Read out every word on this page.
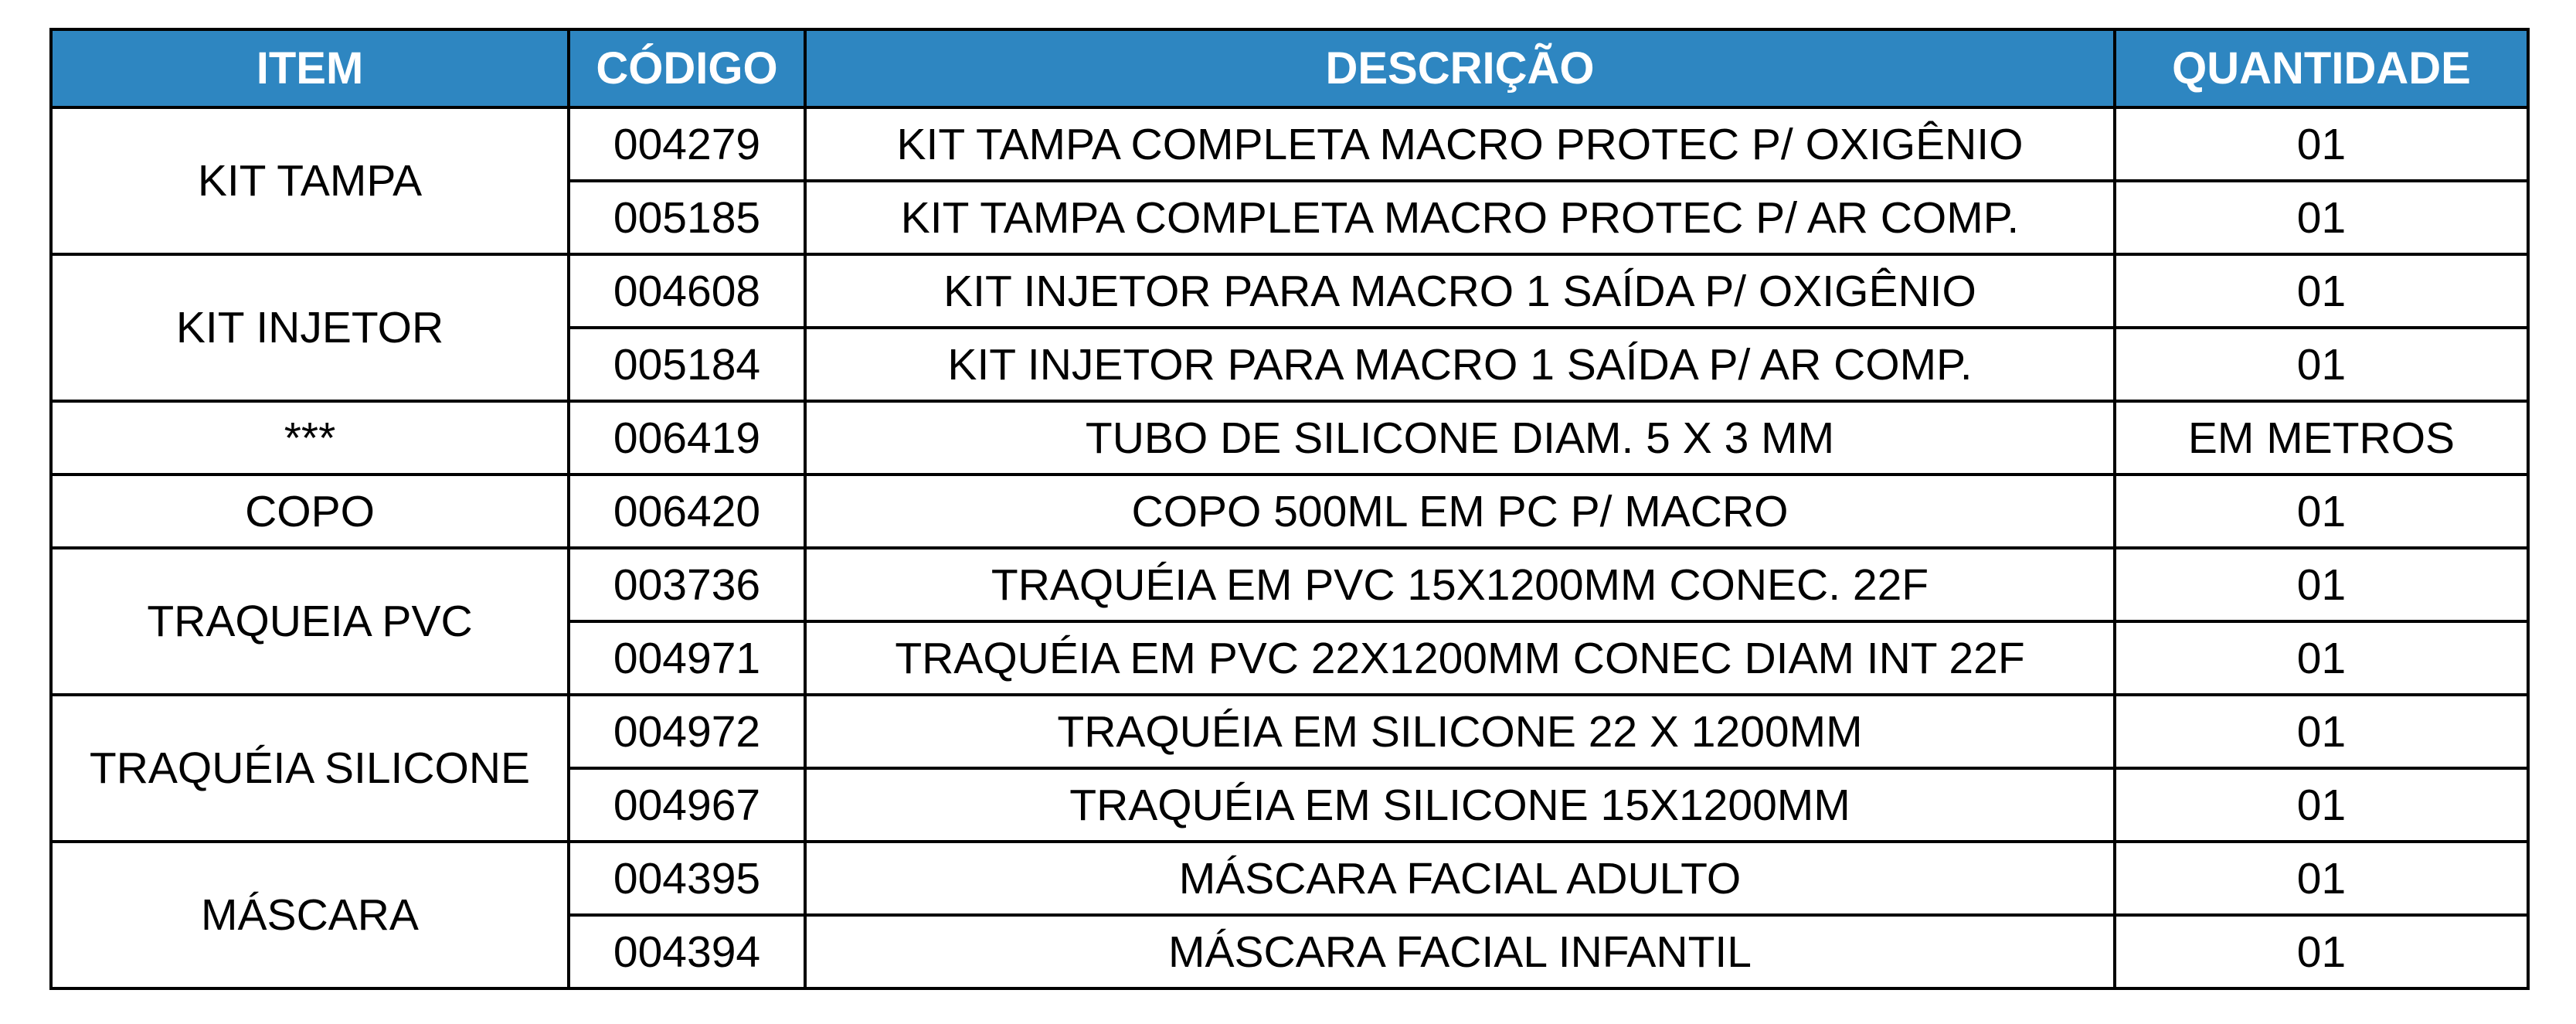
ITEM	CÓDIGO	DESCRIÇÃO	QUANTIDADE
KIT TAMPA	004279	KIT TAMPA COMPLETA MACRO PROTEC P/ OXIGÊNIO	01
	005185	KIT TAMPA COMPLETA MACRO PROTEC P/ AR COMP.	01
KIT INJETOR	004608	KIT INJETOR PARA MACRO 1 SAÍDA P/ OXIGÊNIO	01
	005184	KIT INJETOR PARA MACRO 1 SAÍDA P/ AR COMP.	01
***	006419	TUBO DE SILICONE DIAM. 5 X 3 MM	EM METROS
COPO	006420	COPO 500ML EM PC P/ MACRO	01
TRAQUEIA PVC	003736	TRAQUÉIA EM PVC 15X1200MM CONEC. 22F	01
	004971	TRAQUÉIA EM PVC 22X1200MM CONEC DIAM INT 22F	01
TRAQUÉIA SILICONE	004972	TRAQUÉIA EM SILICONE 22 X 1200MM	01
	004967	TRAQUÉIA EM SILICONE 15X1200MM	01
MÁSCARA	004395	MÁSCARA FACIAL ADULTO	01
	004394	MÁSCARA FACIAL INFANTIL	01
